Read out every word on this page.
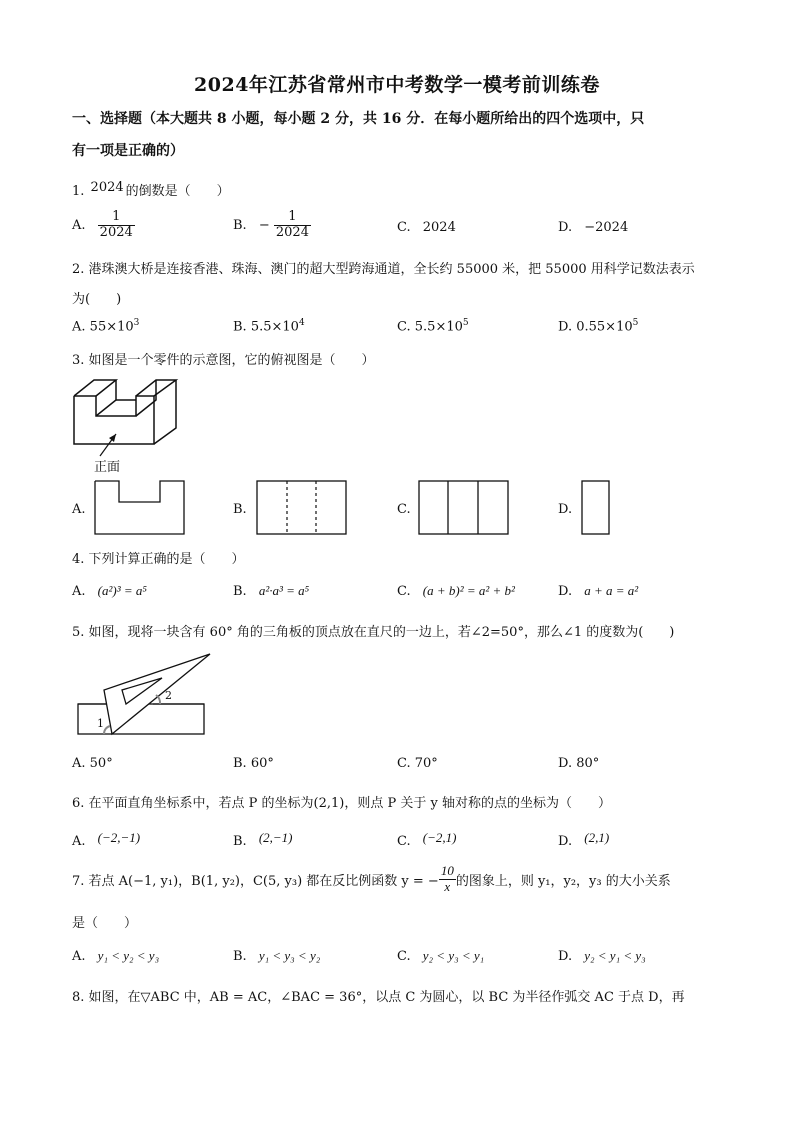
2024年江苏省常州市中考数学一模考前训练卷
一、选择题（本大题共 8 小题，每小题 2 分，共 16 分．在每小题所给出的四个选项中，只
有一项是正确的）
1. 2024 的倒数是（　　）
A. $\frac{1}{2024}$	B. − $\frac{1}{2024}$	C. 2024	D. −2024
2. 港珠澳大桥是连接香港、珠海、澳门的超大型跨海通道，全长约 55000 米，把 55000 用科学记数法表示
为(　　)
A. $55\times 10^3$	B. $5.5\times 10^4$	C. $5.5\times 10^5$	D. $0.55\times 10^5$
3. 如图是一个零件的示意图，它的俯视图是（　　）
正面
A.	B.	C.	D.
4. 下列计算正确的是（　　）
A. (a²)³ = a⁵	B. a²·a³ = a⁵	C. (a + b)² = a² + b²	D. a + a = a²
5. 如图，现将一块含有 60° 角的三角板的顶点放在直尺的一边上，若∠2=50°，那么∠1 的度数为(　　)
1
2
A. 50°	B. 60°	C. 70°	D. 80°
6. 在平面直角坐标系中，若点 P 的坐标为(2,1)，则点 P 关于 y 轴对称的点的坐标为（　　）
A. (−2,−1)	B. (2,−1)	C. (−2,1)	D. (2,1)
7. 若点 A(−1, y₁)，B(1, y₂)，C(5, y₃) 都在反比例函数 y = − $\frac{10}{x}$ 的图象上，则 y₁，y₂，y₃ 的大小关系
是（　　）
A. y₁ < y₂ < y₃	B. y₁ < y₃ < y₂	C. y₂ < y₃ < y₁	D. y₂ < y₁ < y₃
8. 如图，在▽ABC 中，AB = AC，∠BAC = 36°，以点 C 为圆心，以 BC 为半径作弧交 AC 于点 D，再
